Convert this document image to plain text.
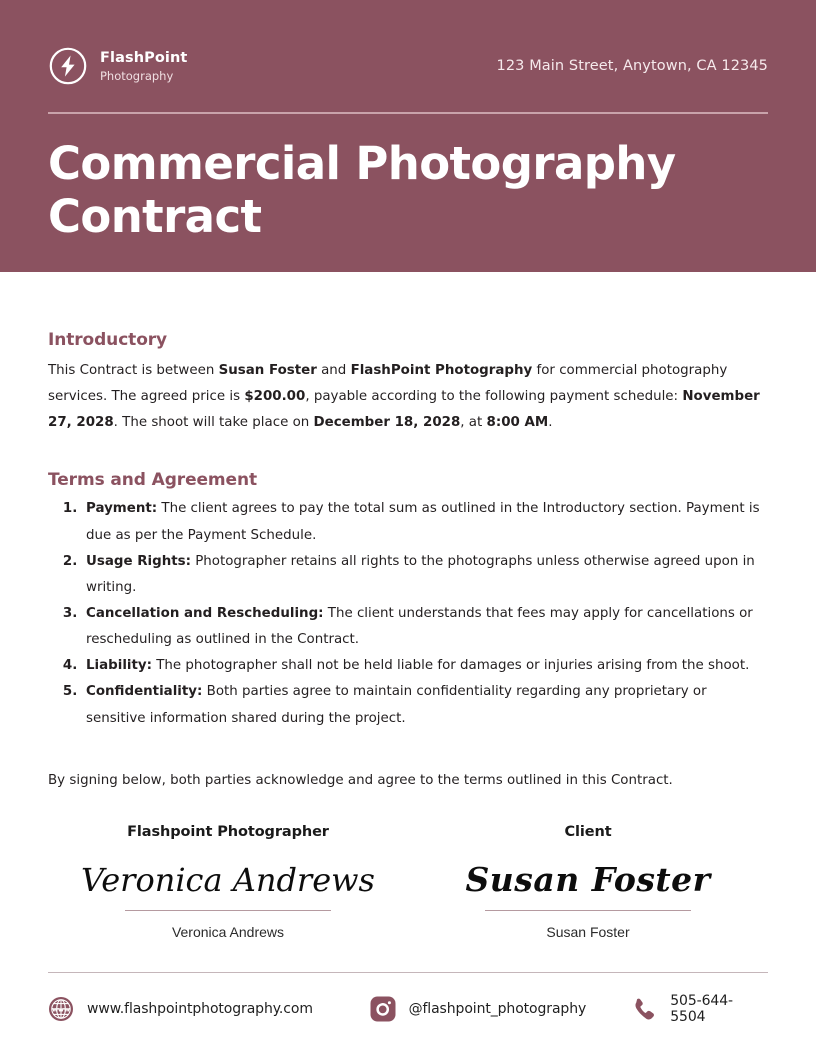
FlashPoint
Photography
123 Main Street, Anytown, CA 12345
Commercial Photography Contract
Introductory

This Contract is between Susan Foster and FlashPoint Photography for commercial photography services. The agreed price is $200.00, payable according to the following payment schedule: November 27, 2028. The shoot will take place on December 18, 2028, at 8:00 AM.

Terms and Agreement
1. Payment: The client agrees to pay the total sum as outlined in the Introductory section. Payment is due as per the Payment Schedule.
2. Usage Rights: Photographer retains all rights to the photographs unless otherwise agreed upon in writing.
3. Cancellation and Rescheduling: The client understands that fees may apply for cancellations or rescheduling as outlined in the Contract.
4. Liability: The photographer shall not be held liable for damages or injuries arising from the shoot.
5. Confidentiality: Both parties agree to maintain confidentiality regarding any proprietary or sensitive information shared during the project.

By signing below, both parties acknowledge and agree to the terms outlined in this Contract.

Flashpoint Photographer
Veronica Andrews
Veronica Andrews
Client
Susan Foster
Susan Foster
www www.flashpointphotography.com	@flashpoint_photography	505-644-5504
